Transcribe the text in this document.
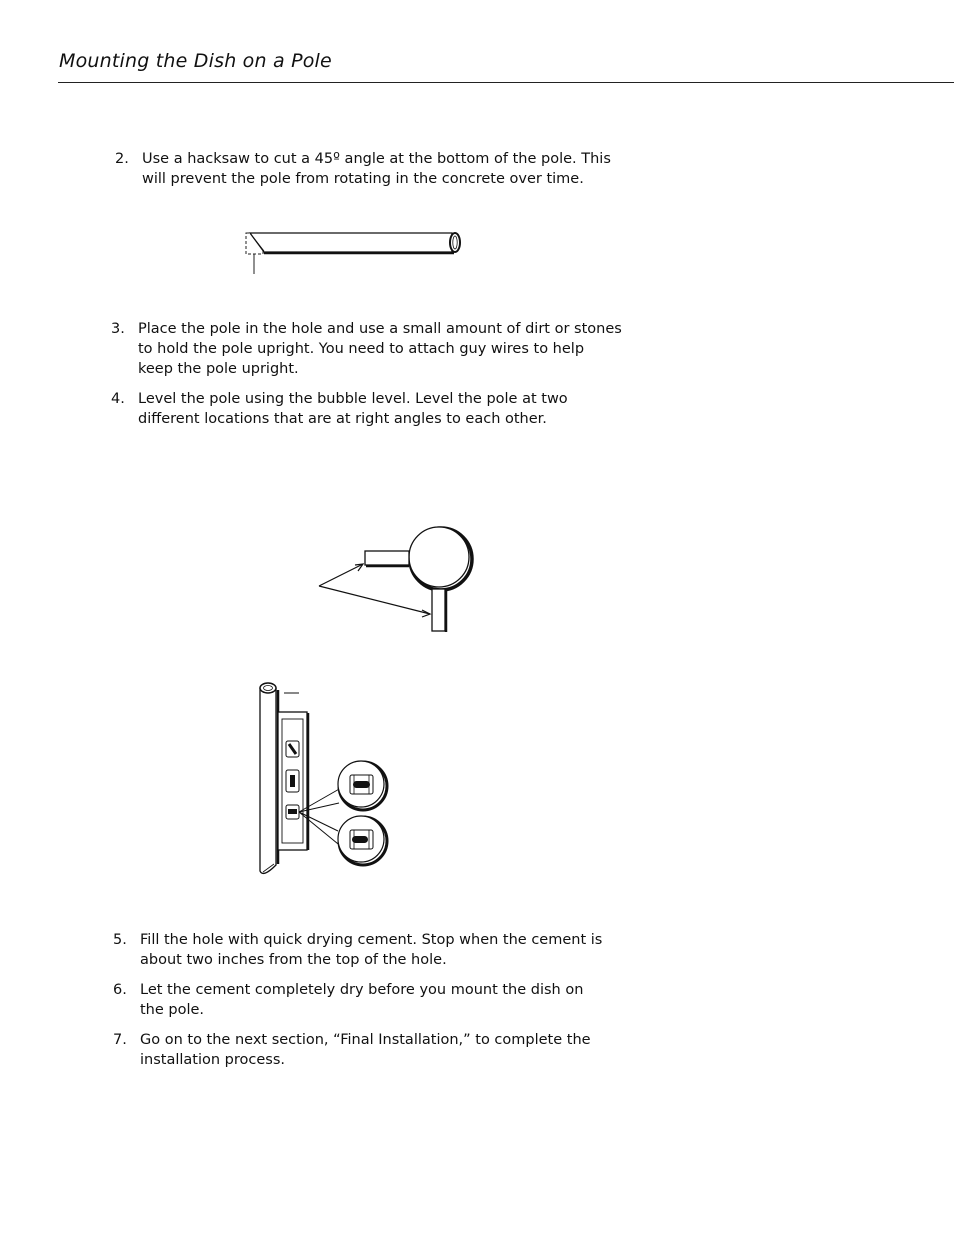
Mounting the Dish on a Pole
2. Use a hacksaw to cut a 45º angle at the bottom of the pole. This
will prevent the pole from rotating in the concrete over time.
3. Place the pole in the hole and use a small amount of dirt or stones
to hold the pole upright. You need to attach guy wires to help
keep the pole upright.
4. Level the pole using the bubble level. Level the pole at two
different locations that are at right angles to each other.
5. Fill the hole with quick drying cement. Stop when the cement is
about two inches from the top of the hole.
6. Let the cement completely dry before you mount the dish on
the pole.
7. Go on to the next section, “Final Installation,” to complete the
installation process.
